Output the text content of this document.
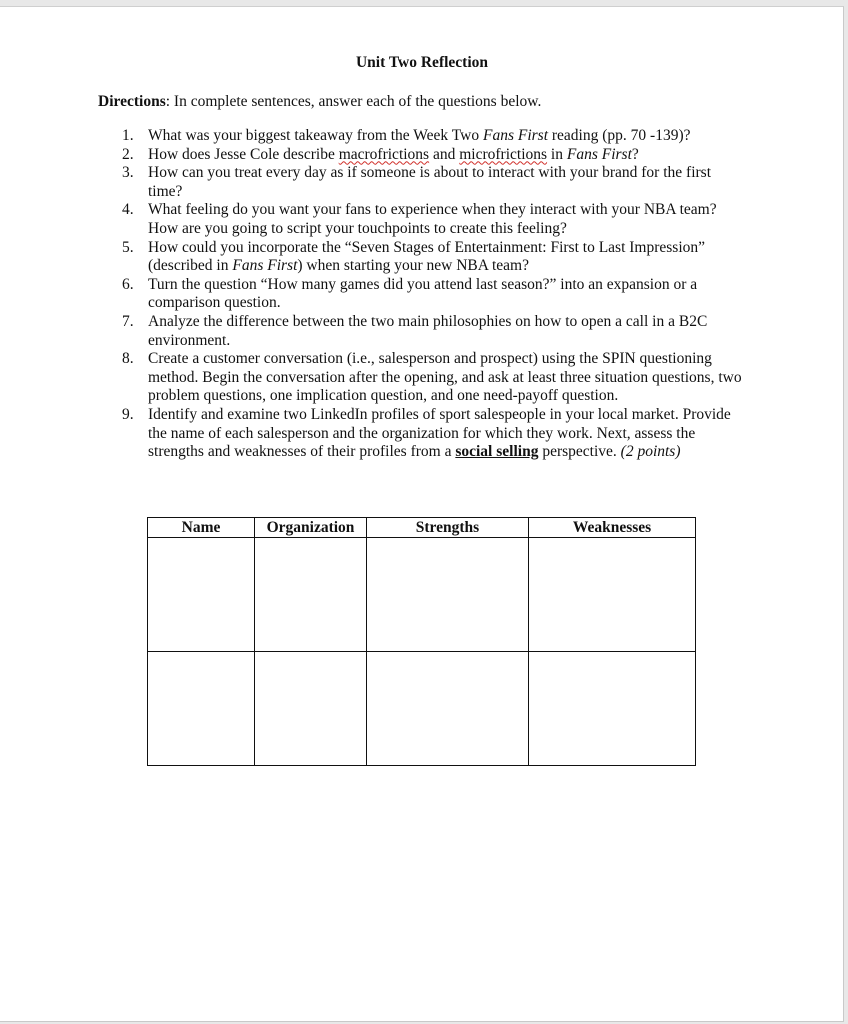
Unit Two Reflection
Directions: In complete sentences, answer each of the questions below.
1. What was your biggest takeaway from the Week Two Fans First reading (pp. 70 -139)?
2. How does Jesse Cole describe macrofrictions and microfrictions in Fans First?
3. How can you treat every day as if someone is about to interact with your brand for the first time?
4. What feeling do you want your fans to experience when they interact with your NBA team? How are you going to script your touchpoints to create this feeling?
5. How could you incorporate the “Seven Stages of Entertainment: First to Last Impression” (described in Fans First) when starting your new NBA team?
6. Turn the question “How many games did you attend last season?” into an expansion or a comparison question.
7. Analyze the difference between the two main philosophies on how to open a call in a B2C environment.
8. Create a customer conversation (i.e., salesperson and prospect) using the SPIN questioning method. Begin the conversation after the opening, and ask at least three situation questions, two problem questions, one implication question, and one need-payoff question.
9. Identify and examine two LinkedIn profiles of sport salespeople in your local market. Provide the name of each salesperson and the organization for which they work. Next, assess the strengths and weaknesses of their profiles from a social selling perspective. (2 points)
Name	Organization	Strengths	Weaknesses
